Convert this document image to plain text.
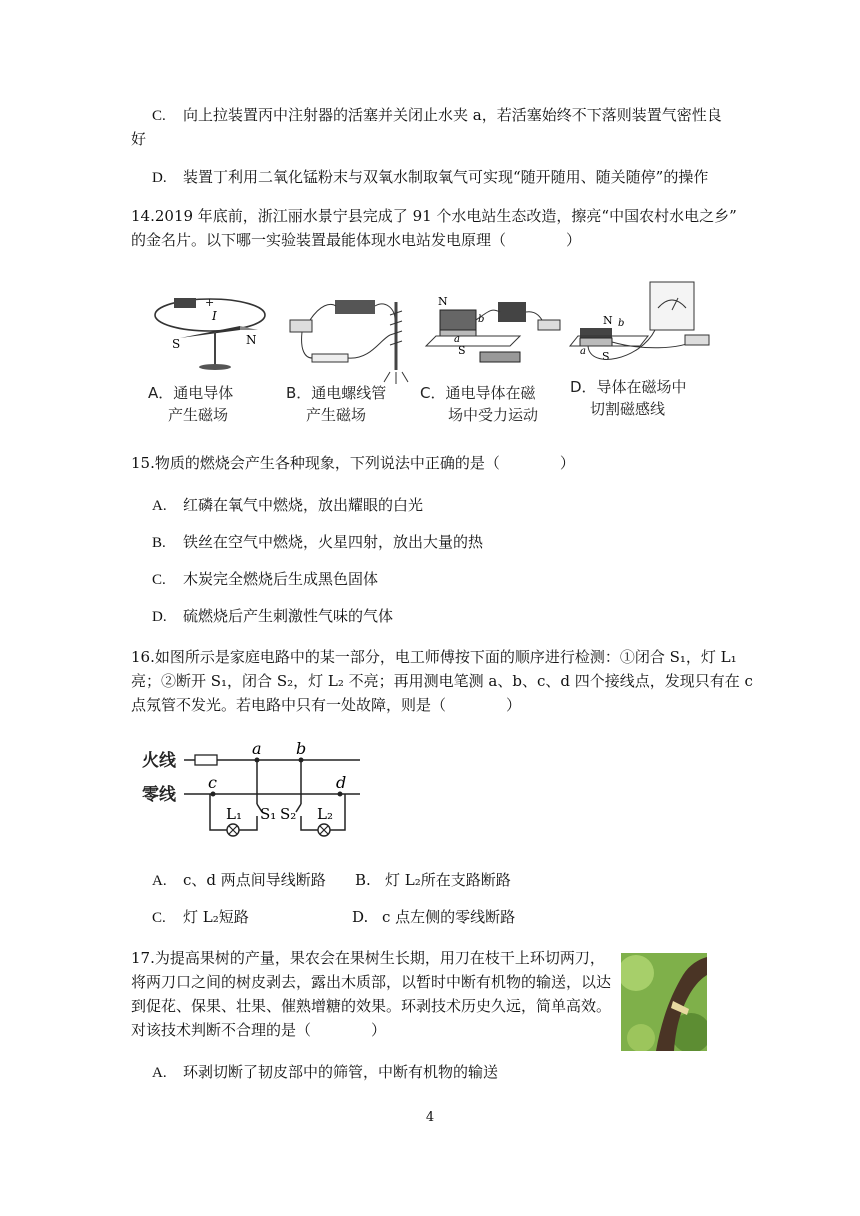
C. 向上拉装置丙中注射器的活塞并关闭止水夹 a，若活塞始终不下落则装置气密性良
好
D. 装置丁利用二氧化锰粉末与双氧水制取氧气可实现“随开随用、随关随停”的操作
14.2019 年底前，浙江丽水景宁县完成了 91 个水电站生态改造，擦亮“中国农村水电之乡”
的金名片。以下哪一实验装置最能体现水电站发电原理（　　　　）
+
I
N
S
A．通电导体
产生磁场
B．通电螺线管
产生磁场
N
S
a
b
C．通电导体在磁
场中受力运动
N
S
a
b
D．导体在磁场中
切割磁感线
15.物质的燃烧会产生各种现象，下列说法中正确的是（　　　　）
A. 红磷在氧气中燃烧，放出耀眼的白光
B. 铁丝在空气中燃烧，火星四射，放出大量的热
C. 木炭完全燃烧后生成黑色固体
D. 硫燃烧后产生刺激性气味的气体
16.如图所示是家庭电路中的某一部分，电工师傅按下面的顺序进行检测：①闭合 S₁，灯 L₁
亮；②断开 S₁，闭合 S₂，灯 L₂ 不亮；再用测电笔测 a、b、c、d 四个接线点，发现只有在 c
点氖管不发光。若电路中只有一处故障，则是（　　　　）
火线
零线
a b
c	d
L₁ S₁ S₂ L₂
A. c、d 两点间导线断路 B. 灯 L₂所在支路断路
C. 灯 L₂短路	D. c 点左侧的零线断路
17.为提高果树的产量，果农会在果树生长期，用刀在枝干上环切两刀，将两刀口之间的树皮剥去，露出木质部，以暂时中断有机物的输送，以达到促花、保果、壮果、催熟增糖的效果。环剥技术历史久远，简单高效。对该技术判断不合理的是（　　　　）
A. 环剥切断了韧皮部中的筛管，中断有机物的输送
4
